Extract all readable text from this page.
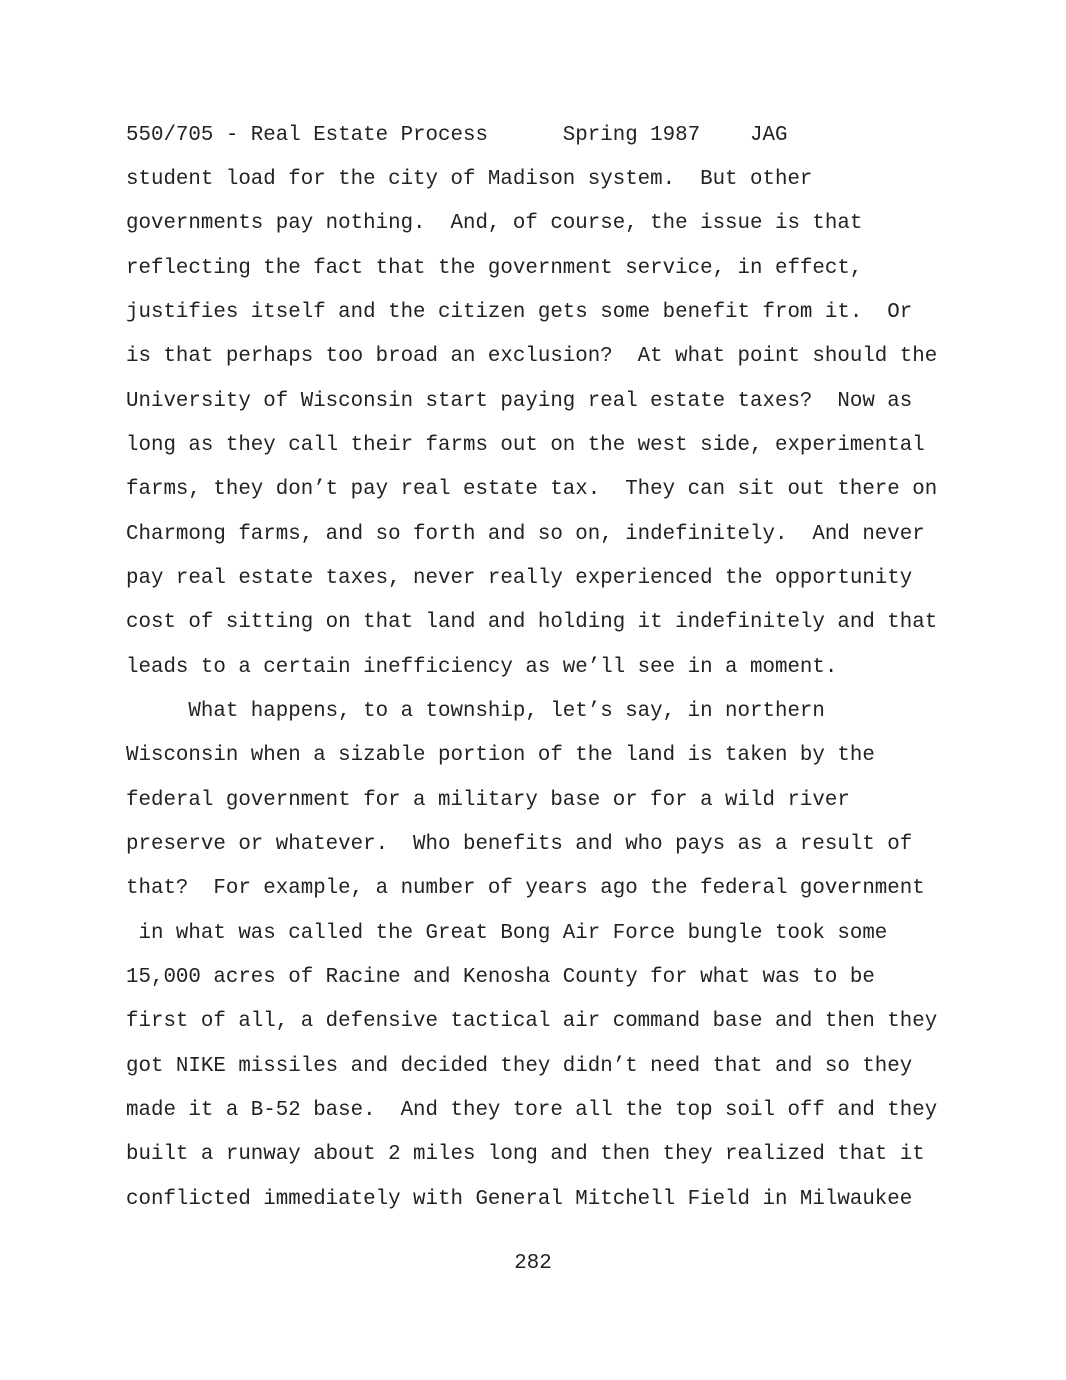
550/705 - Real Estate Process      Spring 1987    JAG
student load for the city of Madison system.  But other
governments pay nothing.  And, of course, the issue is that
reflecting the fact that the government service, in effect,
justifies itself and the citizen gets some benefit from it.  Or
is that perhaps too broad an exclusion?  At what point should the
University of Wisconsin start paying real estate taxes?  Now as
long as they call their farms out on the west side, experimental
farms, they don’t pay real estate tax.  They can sit out there on
Charmong farms, and so forth and so on, indefinitely.  And never
pay real estate taxes, never really experienced the opportunity
cost of sitting on that land and holding it indefinitely and that
leads to a certain inefficiency as we’ll see in a moment.
What happens, to a township, let’s say, in northern
Wisconsin when a sizable portion of the land is taken by the
federal government for a military base or for a wild river
preserve or whatever.  Who benefits and who pays as a result of
that?  For example, a number of years ago the federal government
in what was called the Great Bong Air Force bungle took some
15,000 acres of Racine and Kenosha County for what was to be
first of all, a defensive tactical air command base and then they
got NIKE missiles and decided they didn’t need that and so they
made it a B-52 base.  And they tore all the top soil off and they
built a runway about 2 miles long and then they realized that it
conflicted immediately with General Mitchell Field in Milwaukee
282
